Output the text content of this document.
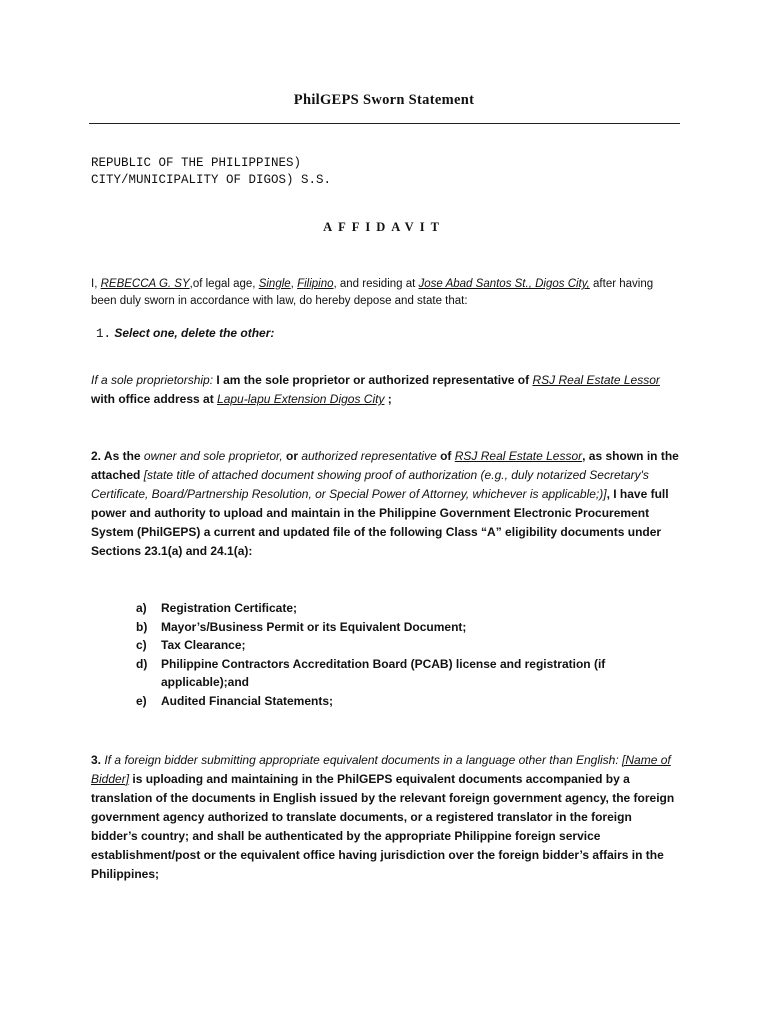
PhilGEPS Sworn Statement
REPUBLIC OF THE PHILIPPINES)
CITY/MUNICIPALITY OF DIGOS) S.S.
AFFIDAVIT
I, REBECCA G. SY,of legal age, Single, Filipino, and residing at Jose Abad Santos St., Digos City, after having been duly sworn in accordance with law, do hereby depose and state that:
1. Select one, delete the other:
If a sole proprietorship: I am the sole proprietor or authorized representative of RSJ Real Estate Lessor with office address at Lapu-lapu Extension Digos City ;
2. As the owner and sole proprietor, or authorized representative of RSJ Real Estate Lessor, as shown in the attached [state title of attached document showing proof of authorization (e.g., duly notarized Secretary's Certificate, Board/Partnership Resolution, or Special Power of Attorney, whichever is applicable;)], I have full power and authority to upload and maintain in the Philippine Government Electronic Procurement System (PhilGEPS) a current and updated file of the following Class “A” eligibility documents under Sections 23.1(a) and 24.1(a):
a)	Registration Certificate;
b)	Mayor’s/Business Permit or its Equivalent Document;
c)	Tax Clearance;
d)	Philippine Contractors Accreditation Board (PCAB) license and registration (if applicable);and
e)	Audited Financial Statements;
3. If a foreign bidder submitting appropriate equivalent documents in a language other than English: [Name of Bidder] is uploading and maintaining in the PhilGEPS equivalent documents accompanied by a translation of the documents in English issued by the relevant foreign government agency, the foreign government agency authorized to translate documents, or a registered translator in the foreign bidder’s country; and shall be authenticated by the appropriate Philippine foreign service establishment/post or the equivalent office having jurisdiction over the foreign bidder’s affairs in the Philippines;
